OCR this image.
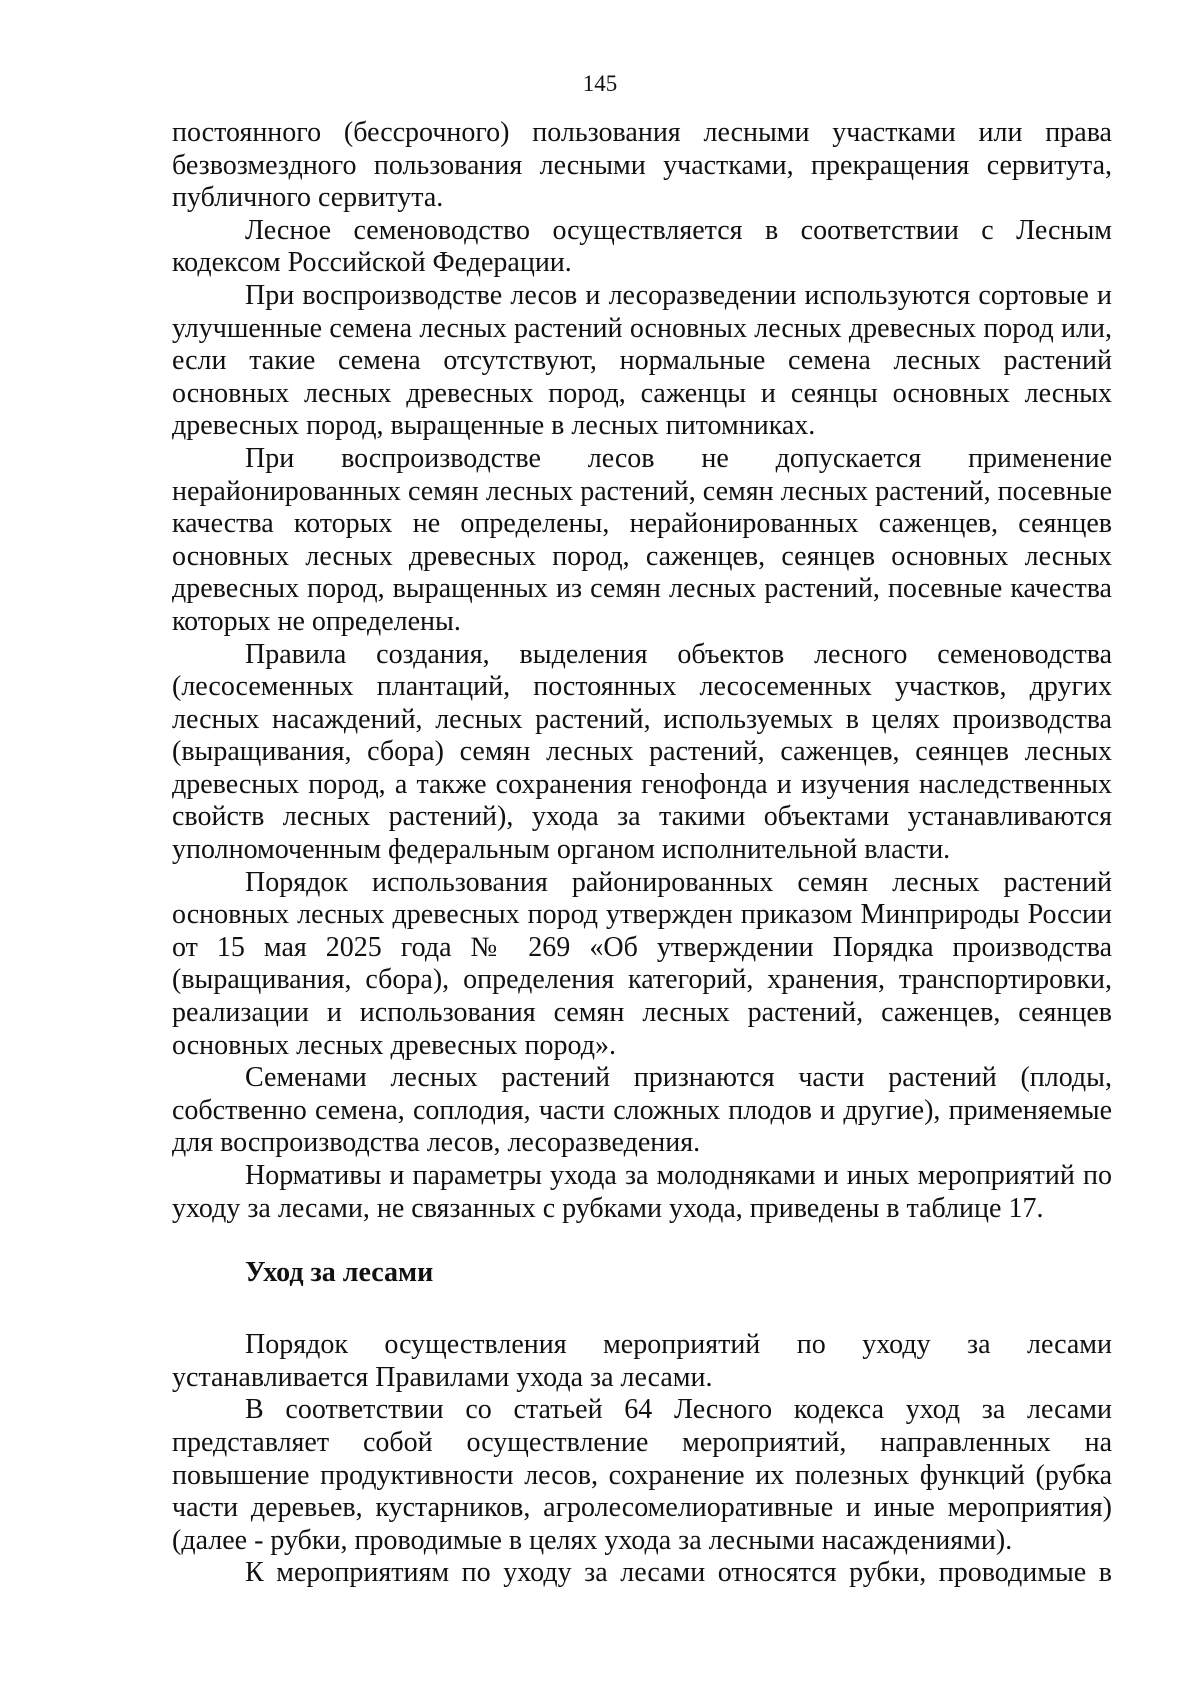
145

постоянного (бессрочного) пользования лесными участками или права безвозмездного пользования лесными участками, прекращения сервитута, публичного сервитута.

Лесное семеноводство осуществляется в соответствии с Лесным кодексом Российской Федерации.

При воспроизводстве лесов и лесоразведении используются сортовые и улучшенные семена лесных растений основных лесных древесных пород или, если такие семена отсутствуют, нормальные семена лесных растений основных лесных древесных пород, саженцы и сеянцы основных лесных древесных пород, выращенные в лесных питомниках.

При воспроизводстве лесов не допускается применение нерайонированных семян лесных растений, семян лесных растений, посевные качества которых не определены, нерайонированных саженцев, сеянцев основных лесных древесных пород, саженцев, сеянцев основных лесных древесных пород, выращенных из семян лесных растений, посевные качества которых не определены.

Правила создания, выделения объектов лесного семеноводства (лесосеменных плантаций, постоянных лесосеменных участков, других лесных насаждений, лесных растений, используемых в целях производства (выращивания, сбора) семян лесных растений, саженцев, сеянцев лесных древесных пород, а также сохранения генофонда и изучения наследственных свойств лесных растений), ухода за такими объектами устанавливаются уполномоченным федеральным органом исполнительной власти.

Порядок использования районированных семян лесных растений основных лесных древесных пород утвержден приказом Минприроды России от 15 мая 2025 года № 269 «Об утверждении Порядка производства (выращивания, сбора), определения категорий, хранения, транспортировки, реализации и использования семян лесных растений, саженцев, сеянцев основных лесных древесных пород».

Семенами лесных растений признаются части растений (плоды, собственно семена, соплодия, части сложных плодов и другие), применяемые для воспроизводства лесов, лесоразведения.

Нормативы и параметры ухода за молодняками и иных мероприятий по уходу за лесами, не связанных с рубками ухода, приведены в таблице 17.

Уход за лесами

Порядок осуществления мероприятий по уходу за лесами устанавливается Правилами ухода за лесами.

В соответствии со статьей 64 Лесного кодекса уход за лесами представляет собой осуществление мероприятий, направленных на повышение продуктивности лесов, сохранение их полезных функций (рубка части деревьев, кустарников, агролесомелиоративные и иные мероприятия) (далее - рубки, проводимые в целях ухода за лесными насаждениями).

К мероприятиям по уходу за лесами относятся рубки, проводимые в
